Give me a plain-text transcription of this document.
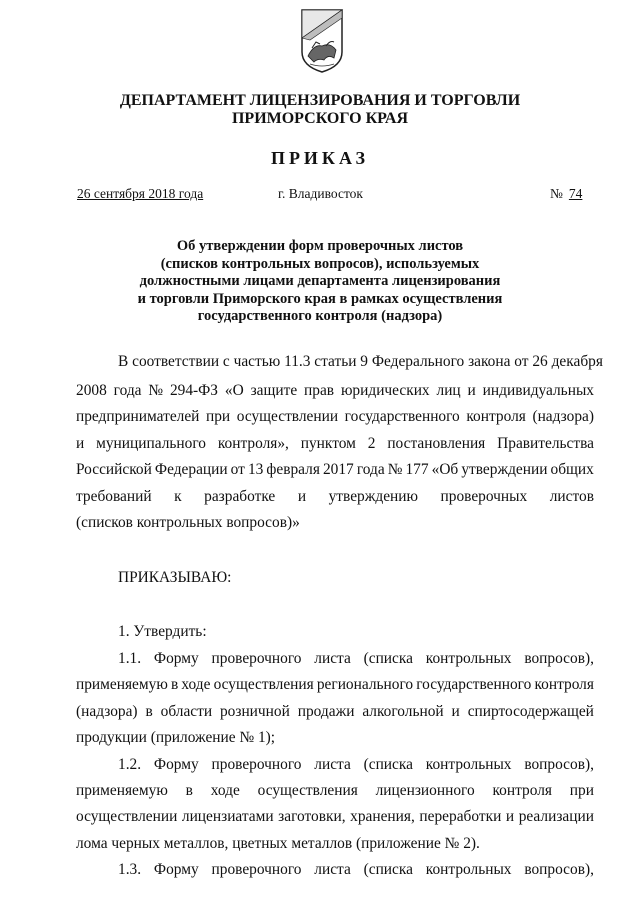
ДЕПАРТАМЕНТ ЛИЦЕНЗИРОВАНИЯ И ТОРГОВЛИ
ПРИМОРСКОГО КРАЯ
ПРИКАЗ
26 сентября 2018 года	г. Владивосток	№ 74
Об утверждении форм проверочных листов
(списков контрольных вопросов), используемых
должностными лицами департамента лицензирования
и торговли Приморского края в рамках осуществления
государственного контроля (надзора)
В соответствии с частью 11.3 статьи 9 Федерального закона от 26 декабря
2008 года № 294-ФЗ «О защите прав юридических лиц и индивидуальных
предпринимателей при осуществлении государственного контроля (надзора)
и муниципального контроля», пунктом 2 постановления Правительства
Российской Федерации от 13 февраля 2017 года № 177 «Об утверждении общих
требований к разработке и утверждению проверочных листов
(списков контрольных вопросов)»
ПРИКАЗЫВАЮ:
1. Утвердить:
1.1. Форму проверочного листа (списка контрольных вопросов),
применяемую в ходе осуществления регионального государственного контроля
(надзора) в области розничной продажи алкогольной и спиртосодержащей
продукции (приложение № 1);
1.2. Форму проверочного листа (списка контрольных вопросов),
применяемую в ходе осуществления лицензионного контроля при
осуществлении лицензиатами заготовки, хранения, переработки и реализации
лома черных металлов, цветных металлов (приложение № 2).
1.3. Форму проверочного листа (списка контрольных вопросов),
